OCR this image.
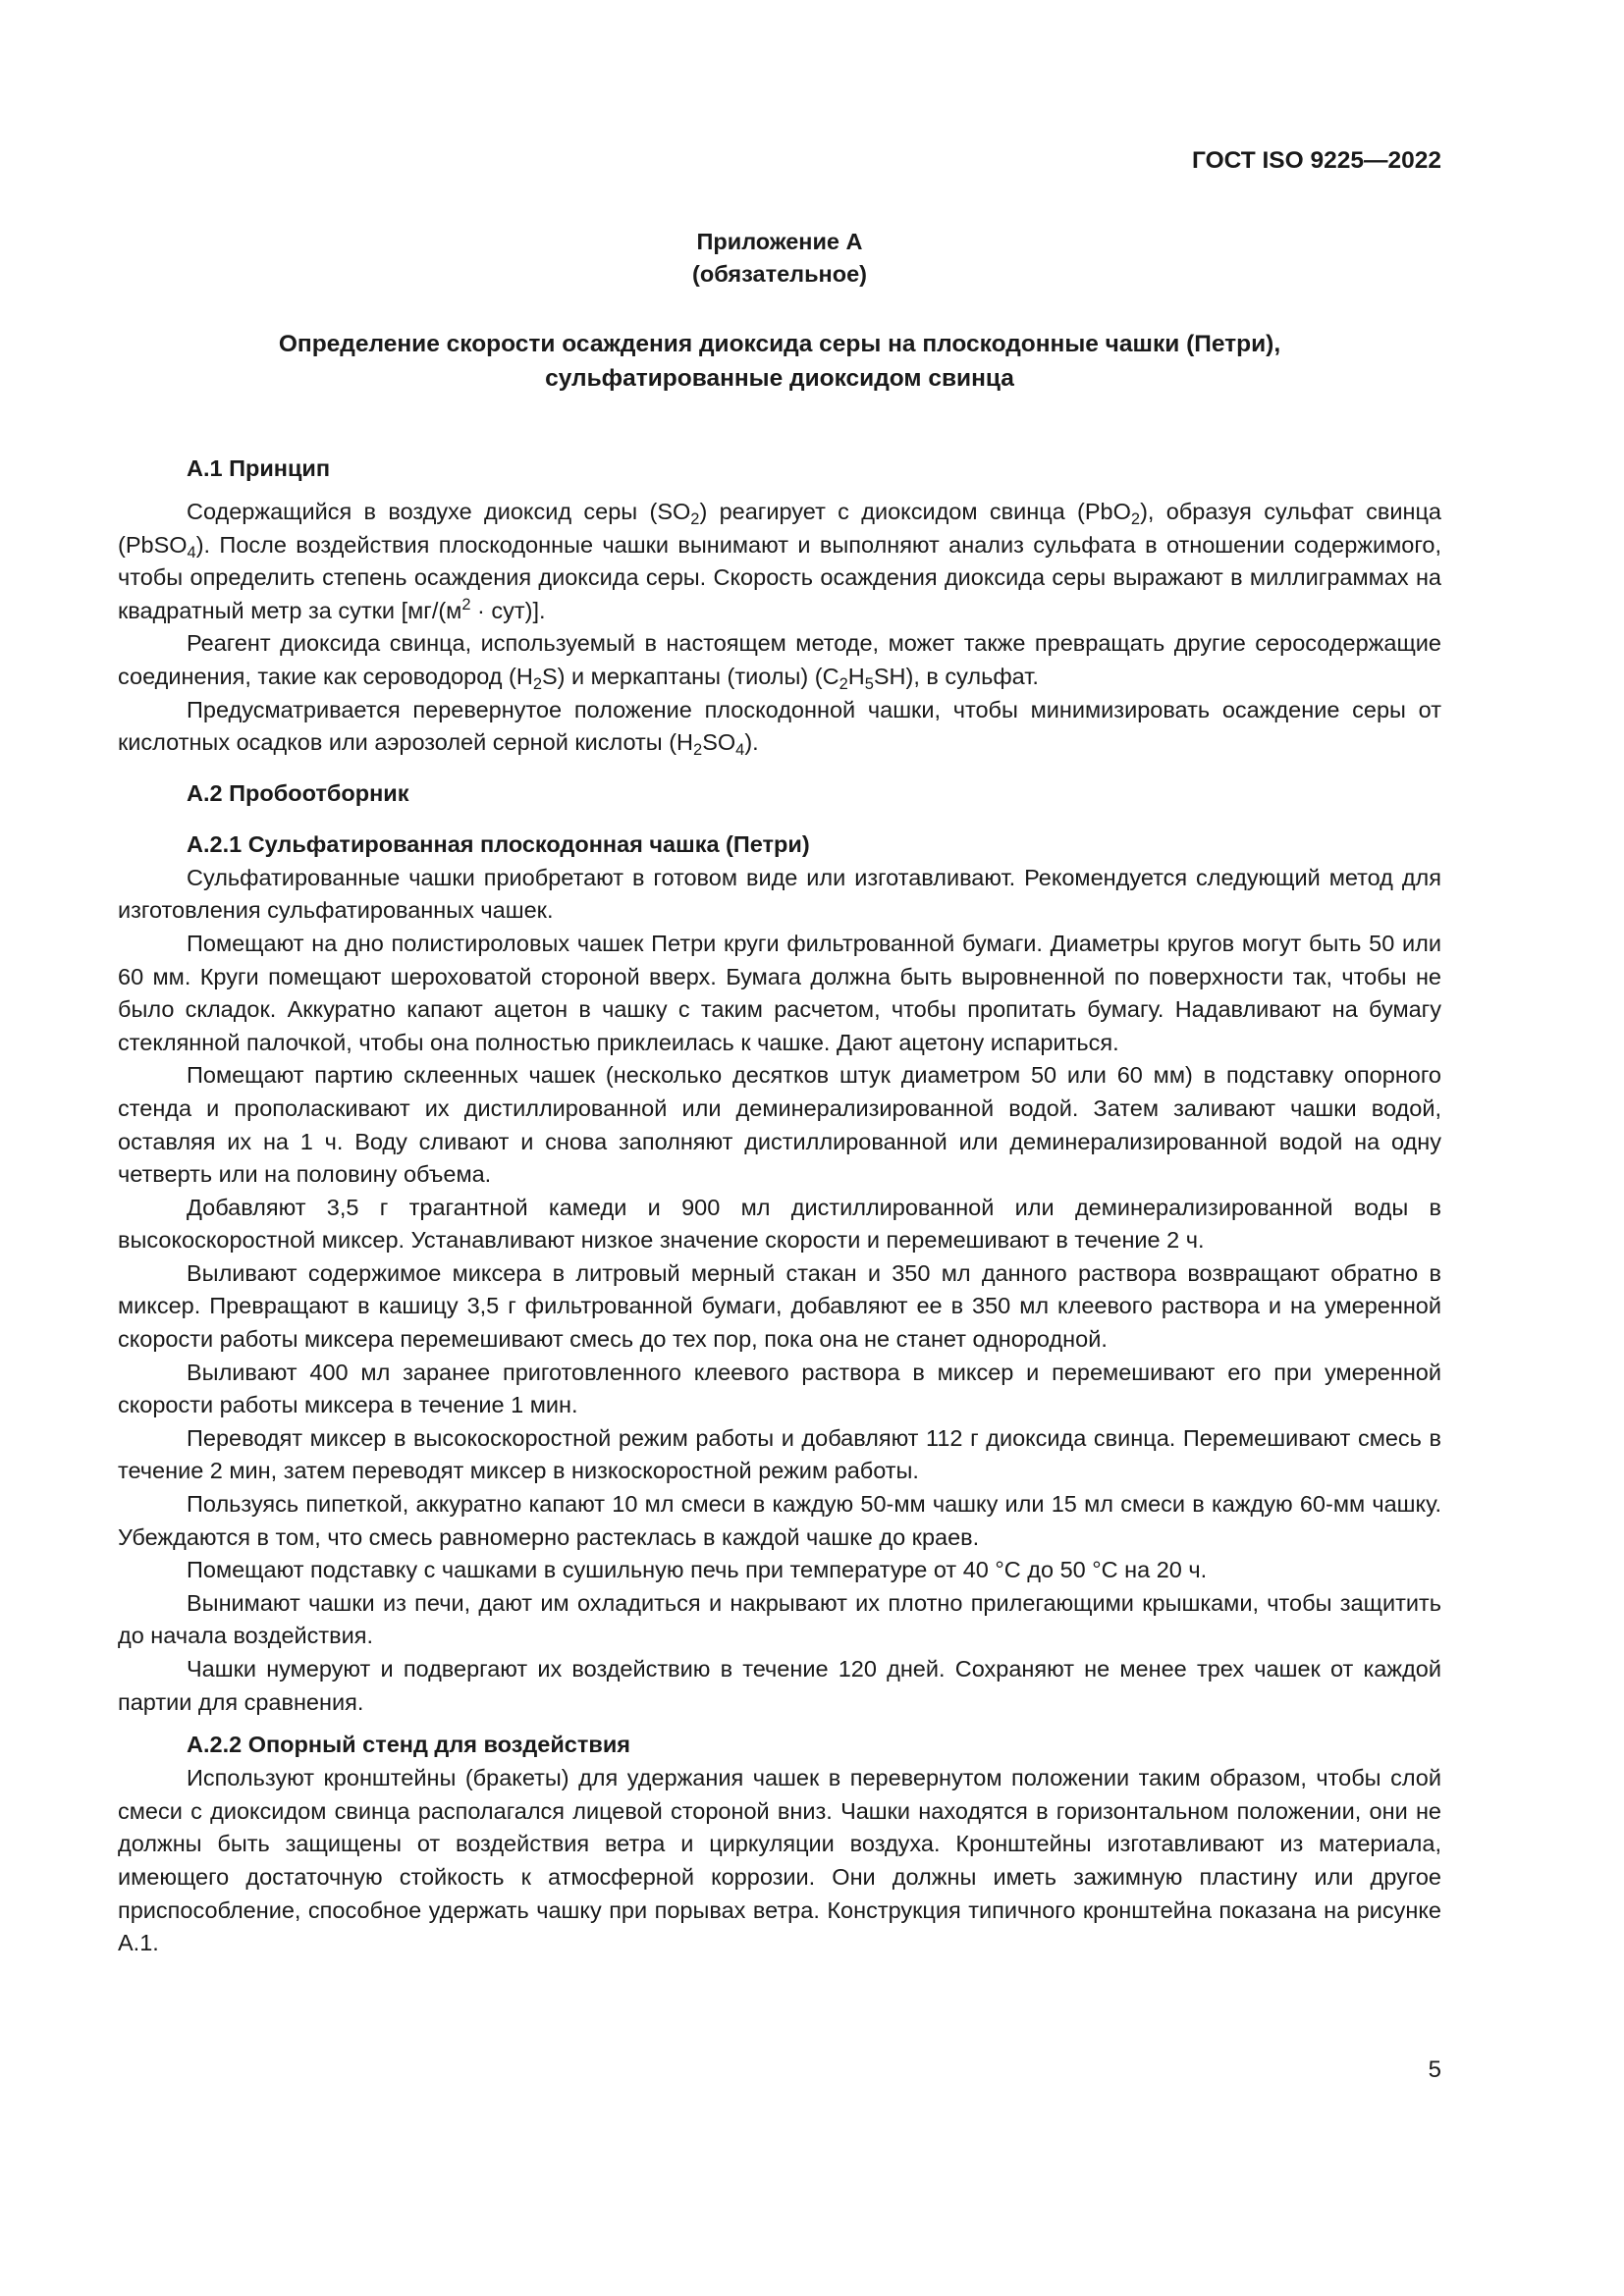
ГОСТ ISO 9225—2022
Приложение А
(обязательное)
Определение скорости осаждения диоксида серы на плоскодонные чашки (Петри),
сульфатированные диоксидом свинца
А.1 Принцип

Содержащийся в воздухе диоксид серы $(SO_2)$ реагирует с диоксидом свинца (PbO$_2$), образуя сульфат свинца (PbSO$_4$). После воздействия плоскодонные чашки вынимают и выполняют анализ сульфата в отношении содержимого, чтобы определить степень осаждения диоксида серы. Скорость осаждения диоксида серы выражают в миллиграммах на квадратный метр за сутки $[мг/(м^2 \cdot сут)]$.

Реагент диоксида свинца, используемый в настоящем методе, может также превращать другие серосодержащие соединения, такие как сероводород $(H_2S)$ и меркаптаны (тиолы) $(C_2H_5SH)$, в сульфат.

Предусматривается перевернутое положение плоскодонной чашки, чтобы минимизировать осаждение серы от кислотных осадков или аэрозолей серной кислоты $(H_2SO_4)$.

А.2 Пробоотборник
А.2.1 Сульфатированная плоскодонная чашка (Петри)

Сульфатированные чашки приобретают в готовом виде или изготавливают. Рекомендуется следующий метод для изготовления сульфатированных чашек.

Помещают на дно полистироловых чашек Петри круги фильтрованной бумаги. Диаметры кругов могут быть 50 или 60 мм. Круги помещают шероховатой стороной вверх. Бумага должна быть выровненной по поверхности так, чтобы не было складок. Аккуратно капают ацетон в чашку с таким расчетом, чтобы пропитать бумагу. Надавливают на бумагу стеклянной палочкой, чтобы она полностью приклеилась к чашке. Дают ацетону испариться.

Помещают партию склеенных чашек (несколько десятков штук диаметром 50 или 60 мм) в подставку опорного стенда и прополаскивают их дистиллированной или деминерализированной водой. Затем заливают чашки водой, оставляя их на 1 ч. Воду сливают и снова заполняют дистиллированной или деминерализированной водой на одну четверть или на половину объема.

Добавляют 3,5 г трагантной камеди и 900 мл дистиллированной или деминерализированной воды в высокоскоростной миксер. Устанавливают низкое значение скорости и перемешивают в течение 2 ч.

Выливают содержимое миксера в литровый мерный стакан и 350 мл данного раствора возвращают обратно в миксер. Превращают в кашицу 3,5 г фильтрованной бумаги, добавляют ее в 350 мл клеевого раствора и на умеренной скорости работы миксера перемешивают смесь до тех пор, пока она не станет однородной.

Выливают 400 мл заранее приготовленного клеевого раствора в миксер и перемешивают его при умеренной скорости работы миксера в течение 1 мин.

Переводят миксер в высокоскоростной режим работы и добавляют 112 г диоксида свинца. Перемешивают смесь в течение 2 мин, затем переводят миксер в низкоскоростной режим работы.

Пользуясь пипеткой, аккуратно капают 10 мл смеси в каждую 50-мм чашку или 15 мл смеси в каждую 60-мм чашку. Убеждаются в том, что смесь равномерно растеклась в каждой чашке до краев.

Помещают подставку с чашками в сушильную печь при температуре от 40 °С до 50 °С на 20 ч.

Вынимают чашки из печи, дают им охладиться и накрывают их плотно прилегающими крышками, чтобы защитить до начала воздействия.

Чашки нумеруют и подвергают их воздействию в течение 120 дней. Сохраняют не менее трех чашек от каждой партии для сравнения.

А.2.2 Опорный стенд для воздействия

Используют кронштейны (бракеты) для удержания чашек в перевернутом положении таким образом, чтобы слой смеси с диоксидом свинца располагался лицевой стороной вниз. Чашки находятся в горизонтальном положении, они не должны быть защищены от воздействия ветра и циркуляции воздуха. Кронштейны изготавливают из материала, имеющего достаточную стойкость к атмосферной коррозии. Они должны иметь зажимную пластину или другое приспособление, способное удержать чашку при порывах ветра. Конструкция типичного кронштейна показана на рисунке А.1.

5
